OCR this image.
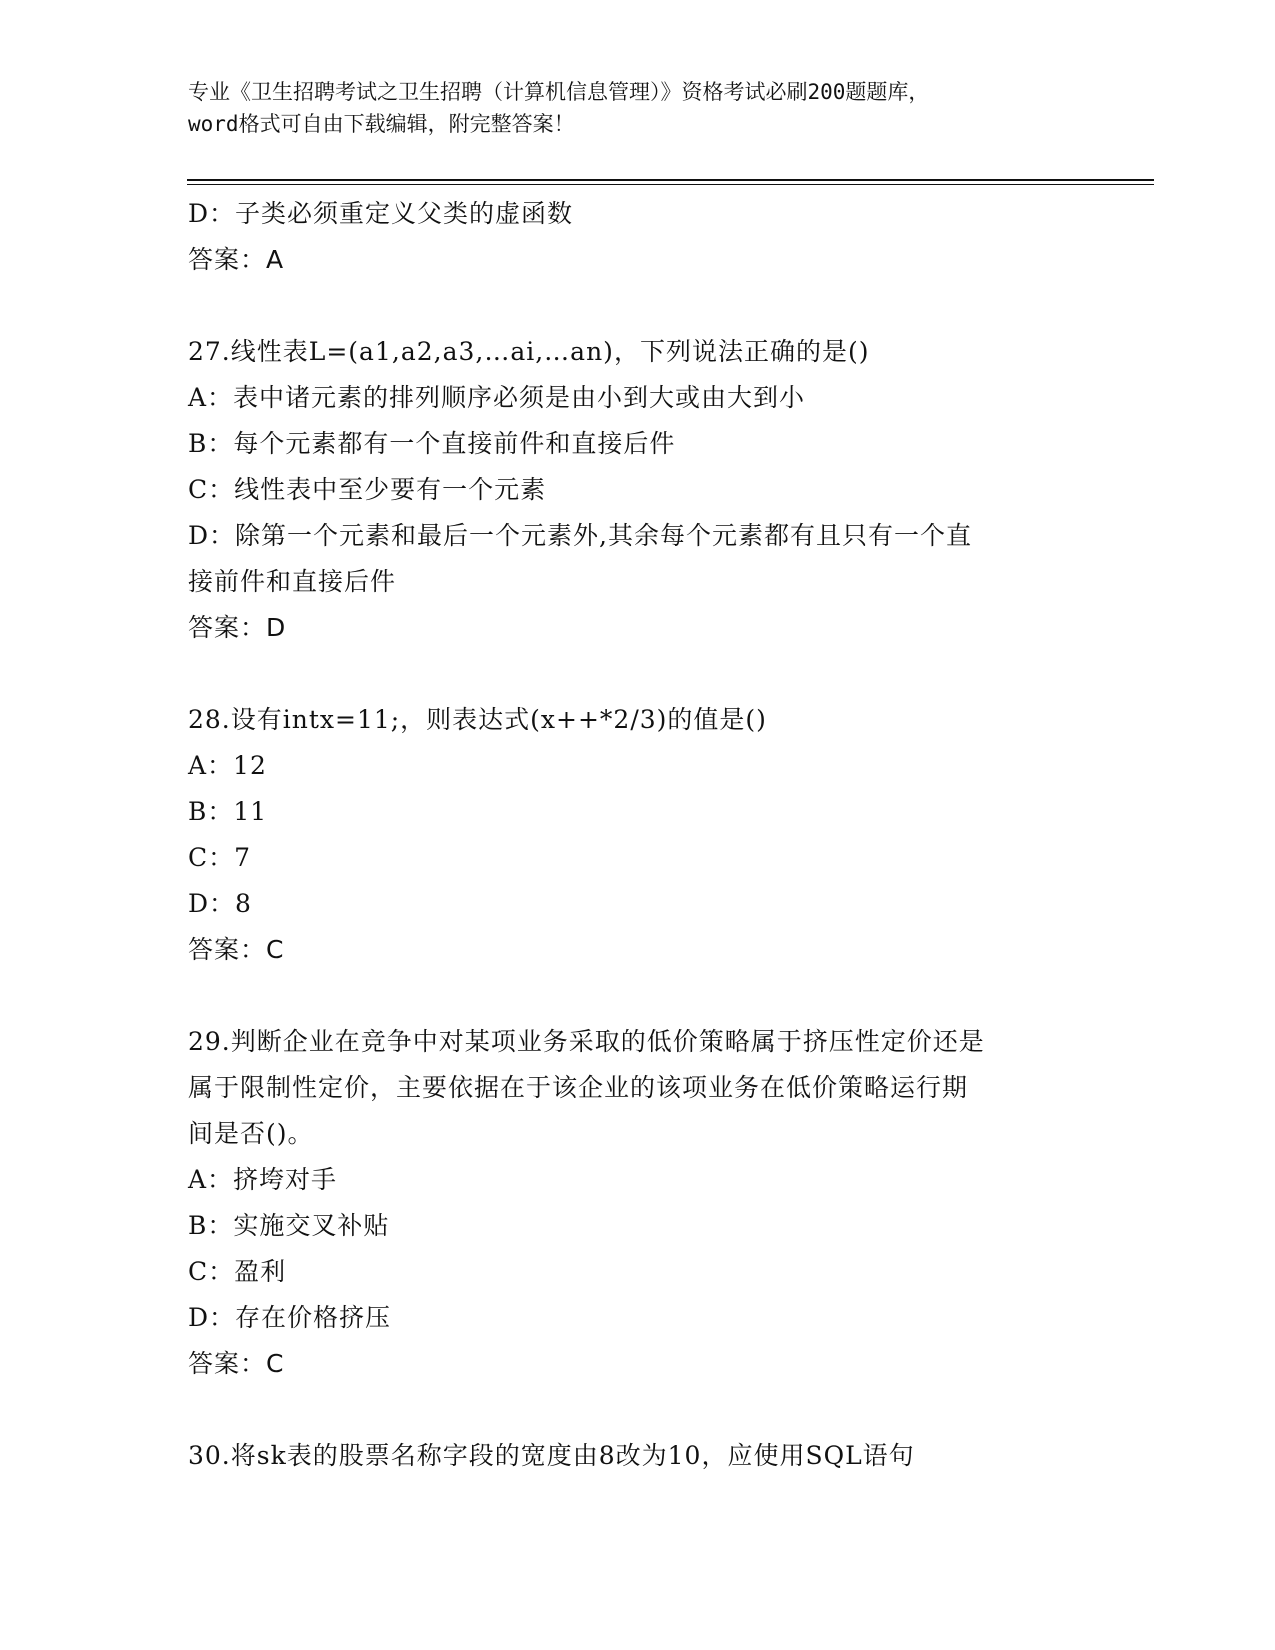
专业《卫生招聘考试之卫生招聘（计算机信息管理）》资格考试必刷200题题库，
word格式可自由下载编辑，附完整答案！
D：子类必须重定义父类的虚函数
答案：A
27.线性表L=(a1,a2,a3,…ai,…an)，下列说法正确的是()
A：表中诸元素的排列顺序必须是由小到大或由大到小
B：每个元素都有一个直接前件和直接后件
C：线性表中至少要有一个元素
D：除第一个元素和最后一个元素外,其余每个元素都有且只有一个直
接前件和直接后件
答案：D
28.设有intx=11;，则表达式(x++*2/3)的值是()
A：12
B：11
C：7
D：8
答案：C
29.判断企业在竞争中对某项业务采取的低价策略属于挤压性定价还是
属于限制性定价，主要依据在于该企业的该项业务在低价策略运行期
间是否()。
A：挤垮对手
B：实施交叉补贴
C：盈利
D：存在价格挤压
答案：C
30.将sk表的股票名称字段的宽度由8改为10，应使用SQL语句
